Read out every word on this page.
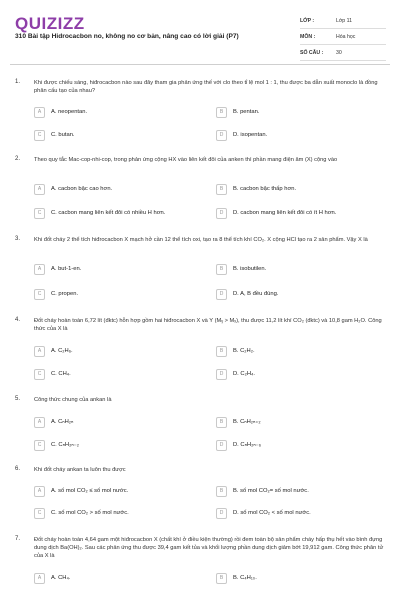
QUIZIZZ
310 Bài tập Hidrocacbon no, không no cơ bản, nâng cao có lời giải (P7)
LỚP :	Lớp 11
MÔN :	Hóa học
SỐ CÂU :	30
1. Khi được chiếu sáng, hiđrocacbon nào sau đây tham gia phản ứng thế với clo theo tỉ lệ mol 1 : 1, thu được ba dẫn xuất monoclo là đồng phân cấu tạo của nhau?
A	A. neopentan.	B	B. pentan.
C	C. butan.	D	D. isopentan.
2. Theo quy tắc Mac-cop-nhi-cop, trong phản ứng cộng HX vào liên kết đôi của anken thì phần mang điện âm (X) cộng vào
A	A. cacbon bậc cao hơn.	B	B. cacbon bậc thấp hơn.
C	C. cacbon mang liên kết đôi có nhiều H hơn.	D	D. cacbon mang liên kết đôi có ít H hơn.
3. Khi đốt cháy 2 thể tích hiđrocacbon X mạch hở cần 12 thể tích oxi, tạo ra 8 thể tích khí CO₂. X cộng HCl tạo ra 2 sản phẩm. Vậy X là
A	A. but-1-en.	B	B. isobutilen.
C	C. propen.	D	D. A, B đều đúng.
4. Đốt cháy hoàn toàn 6,72 lít (đktc) hỗn hợp gồm hai hiđrocacbon X và Y (Mᵧ > Mₓ), thu được 11,2 lít khí CO₂ (đktc) và 10,8 gam H₂O. Công thức của X là
A	A. C₂H₆.	B	B. C₂H₂.
C	C. CH₄.	D	D. C₂H₄.
5. Công thức chung của ankan là
A	A. CₙH₂ₙ	B	B. CₙH₂ₙ₊₂
C	C. CₙH₂ₙ₋₂	D	D. CₙH₂ₙ₋₆
6. Khi đốt cháy ankan ta luôn thu được
A	A. số mol CO₂ ≤ số mol nước.	B	B. số mol CO₂= số mol nước.
C	C. số mol CO₂ > số mol nước.	D	D. số mol CO₂ < số mol nước.
7. Đốt cháy hoàn toàn 4,64 gam một hiđrocacbon X (chất khí ở điều kiện thường) rồi đem toàn bộ sản phẩm cháy hấp thụ hết vào bình đựng dung dịch Ba(OH)₂. Sau các phản ứng thu được 39,4 gam kết tủa và khối lượng phần dung dịch giảm bớt 19,912 gam. Công thức phân tử của X là
A	A. CH₄.	B	B. C₄H₁₀.
